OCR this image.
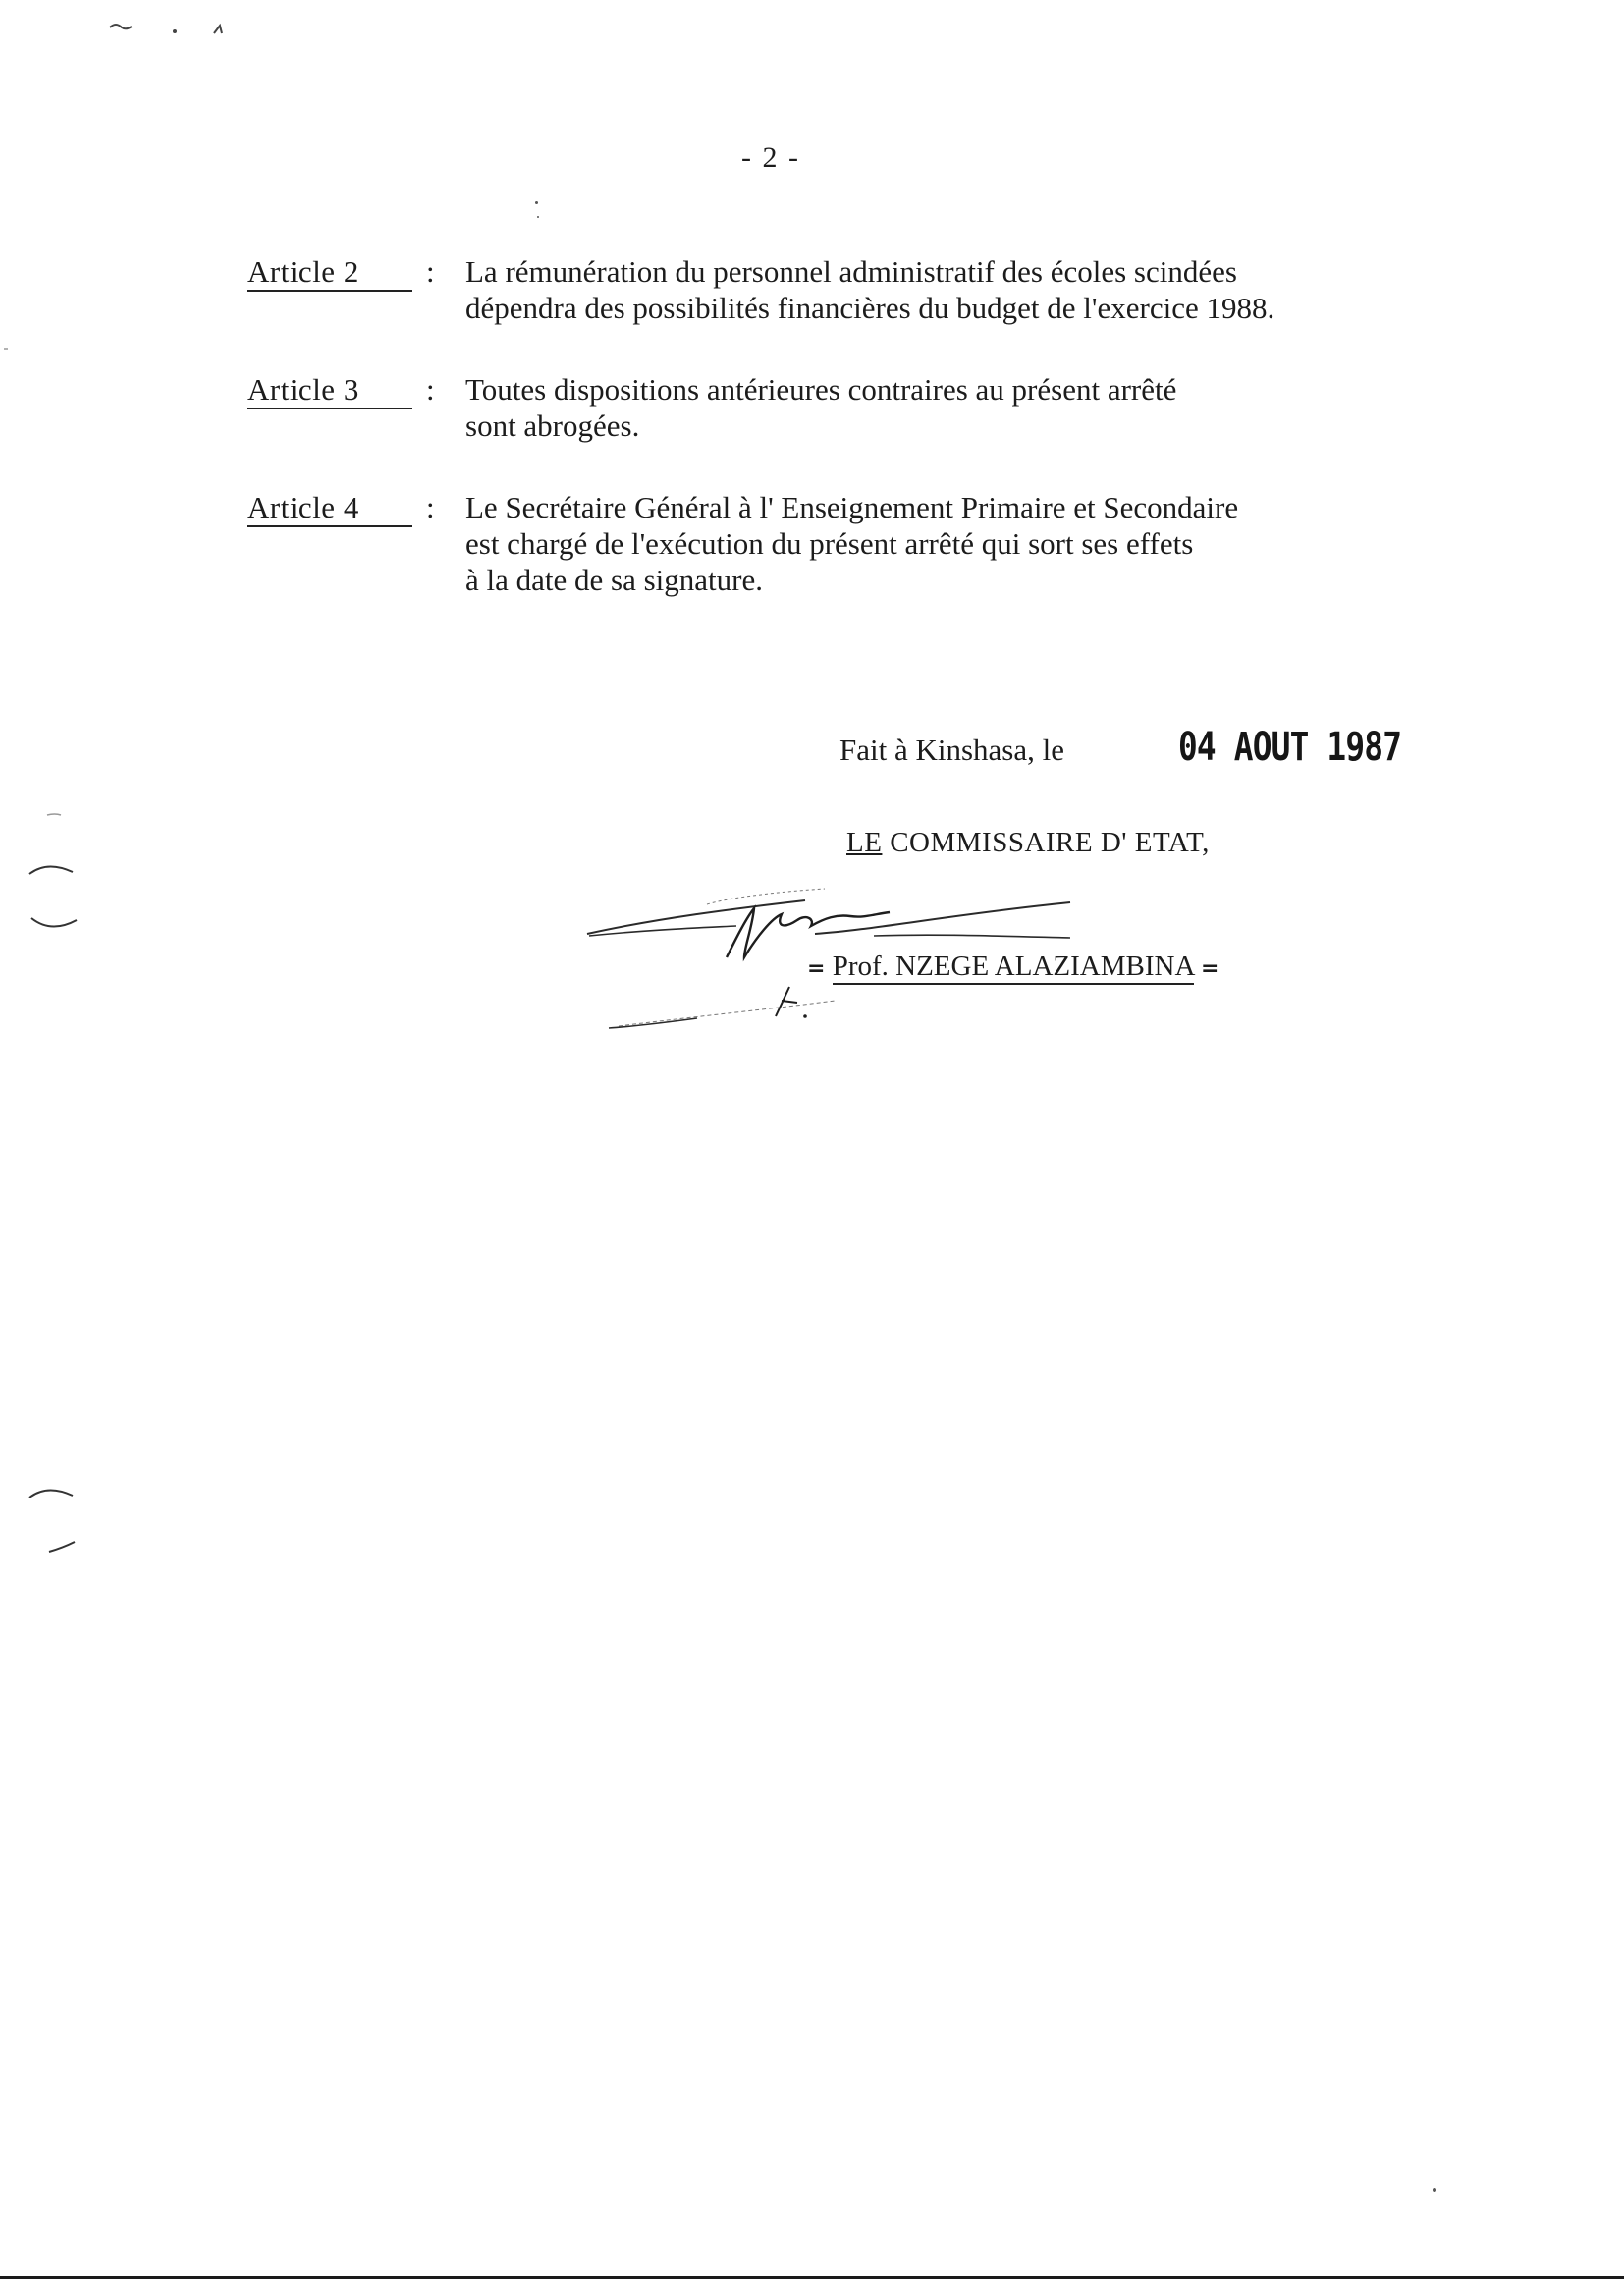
- 2 -
Article 2	: La rémunération du personnel administratif des écoles scindées
dépendra des possibilités financières du budget de l'exercice 1988.
Article 3	: Toutes dispositions antérieures contraires au présent arrêté
sont abrogées.
Article 4	: Le Secrétaire Général à l' Enseignement Primaire et Secondaire
est chargé de l'exécution du présent arrêté qui sort ses effets
à la date de sa signature.
Fait à Kinshasa, le	04 AOUT 1987
LE COMMISSAIRE D' ETAT,
= Prof. NZEGE ALAZIAMBINA =
